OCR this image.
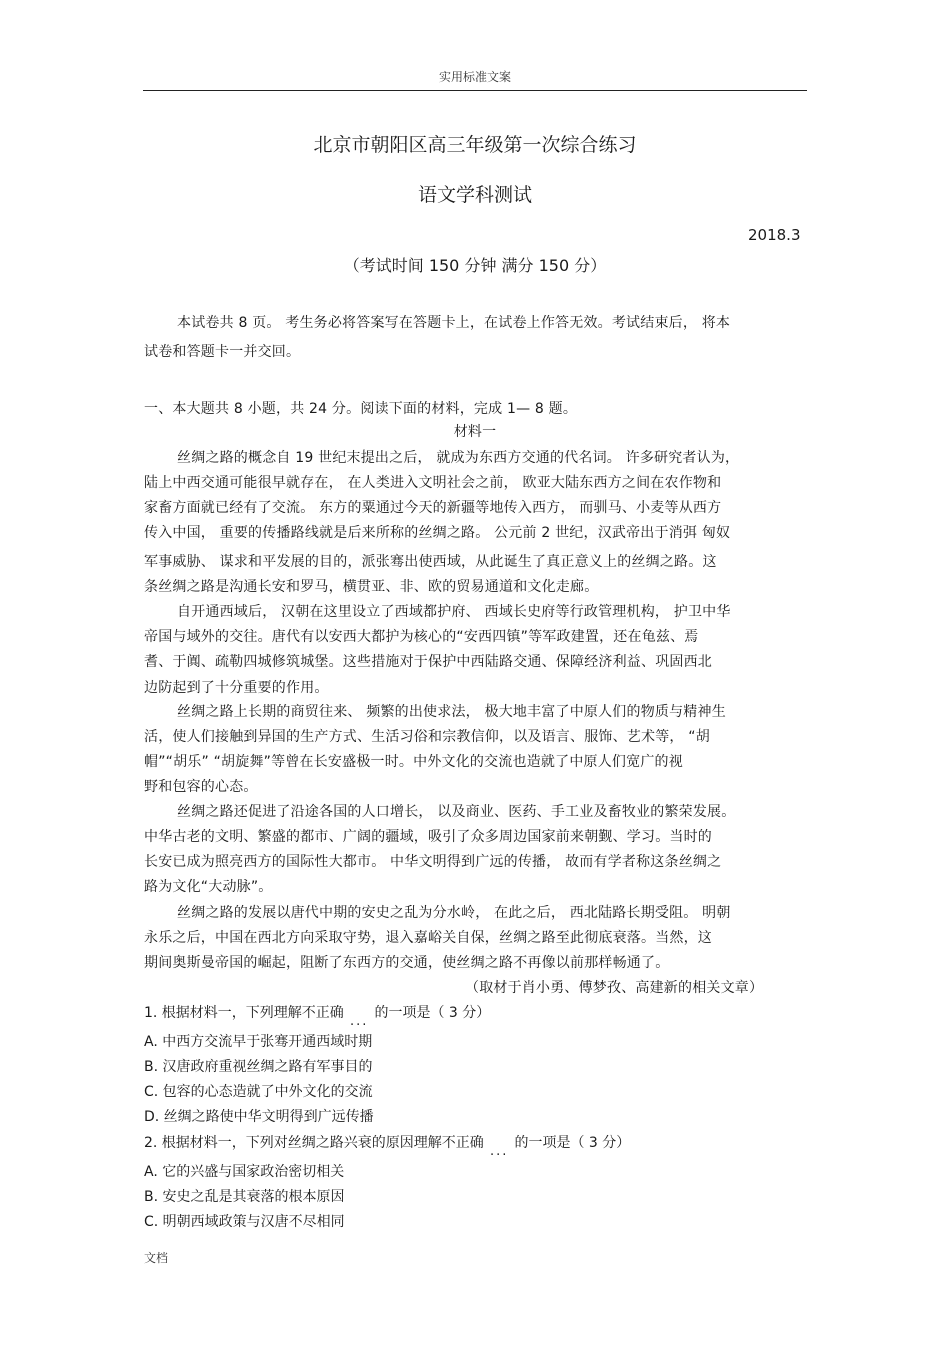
实用标准文案
北京市朝阳区高三年级第一次综合练习
语文学科测试
2018.3
（考试时间 150 分钟 满分 150 分）
本试卷共 8 页。 考生务必将答案写在答题卡上，在试卷上作答无效。考试结束后， 将本
试卷和答题卡一并交回。
一、本大题共 8 小题，共 24 分。阅读下面的材料，完成 1— 8 题。
材料一
丝绸之路的概念自 19 世纪末提出之后， 就成为东西方交通的代名词。 许多研究者认为，
陆上中西交通可能很早就存在， 在人类进入文明社会之前， 欧亚大陆东西方之间在农作物和
家畜方面就已经有了交流。 东方的粟通过今天的新疆等地传入西方， 而驯马、小麦等从西方
传入中国， 重要的传播路线就是后来所称的丝绸之路。 公元前 2 世纪，汉武帝出于消弭 匈奴
军事威胁、 谋求和平发展的目的，派张骞出使西域，从此诞生了真正意义上的丝绸之路。这
条丝绸之路是沟通长安和罗马，横贯亚、非、欧的贸易通道和文化走廊。
自开通西域后， 汉朝在这里设立了西域都护府、 西域长史府等行政管理机构， 护卫中华
帝国与域外的交往。唐代有以安西大都护为核心的“安西四镇”等军政建置，还在龟兹、焉
耆、于阗、疏勒四城修筑城堡。这些措施对于保护中西陆路交通、保障经济利益、巩固西北
边防起到了十分重要的作用。
丝绸之路上长期的商贸往来、 频繁的出使求法， 极大地丰富了中原人们的物质与精神生
活，使人们接触到异国的生产方式、生活习俗和宗教信仰，以及语言、服饰、艺术等， “胡
帽”“胡乐” “胡旋舞”等曾在长安盛极一时。中外文化的交流也造就了中原人们宽广的视
野和包容的心态。
丝绸之路还促进了沿途各国的人口增长， 以及商业、医药、手工业及畜牧业的繁荣发展。
中华古老的文明、繁盛的都市、广阔的疆域，吸引了众多周边国家前来朝觐、学习。当时的
长安已成为照亮西方的国际性大都市。 中华文明得到广远的传播， 故而有学者称这条丝绸之
路为文化“大动脉”。
丝绸之路的发展以唐代中期的安史之乱为分水岭， 在此之后， 西北陆路长期受阻。 明朝
永乐之后，中国在西北方向采取守势，退入嘉峪关自保，丝绸之路至此彻底衰落。当然，这
期间奥斯曼帝国的崛起，阻断了东西方的交通，使丝绸之路不再像以前那样畅通了。
（取材于肖小勇、傅梦孜、高建新的相关文章）
1. 根据材料一，下列理解不正确 ... 的一项是（ 3 分）
A. 中西方交流早于张骞开通西域时期
B. 汉唐政府重视丝绸之路有军事目的
C. 包容的心态造就了中外文化的交流
D. 丝绸之路使中华文明得到广远传播
2. 根据材料一，下列对丝绸之路兴衰的原因理解不正确 ... 的一项是（ 3 分）
A. 它的兴盛与国家政治密切相关
B. 安史之乱是其衰落的根本原因
C. 明朝西域政策与汉唐不尽相同
文档
